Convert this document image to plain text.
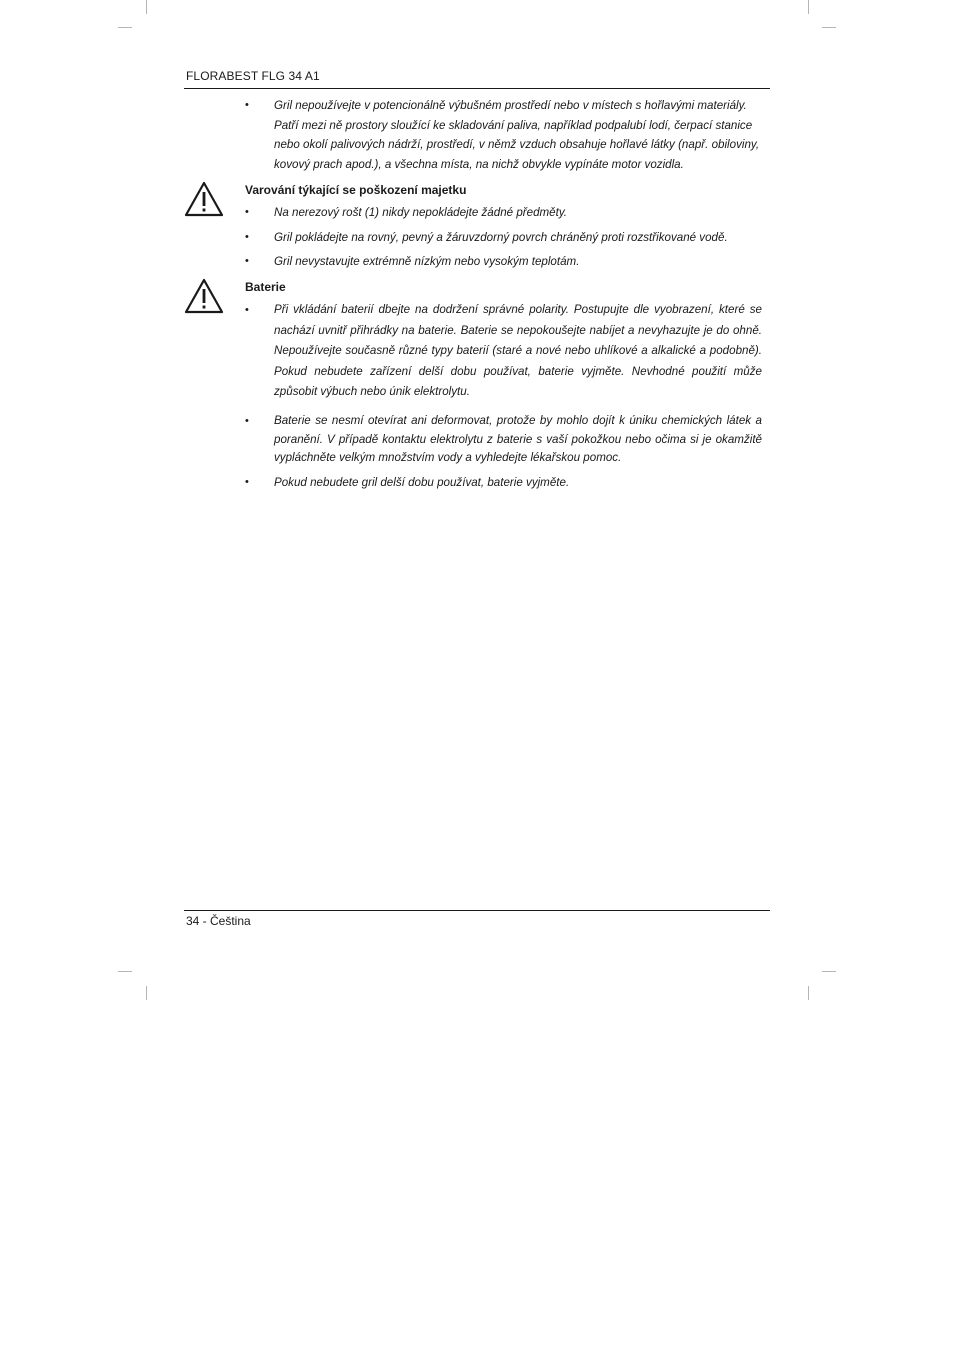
FLORABEST FLG 34 A1
• Gril nepoužívejte v potencionálně výbušném prostředí nebo v místech s hořlavými materiály. Patří mezi ně prostory sloužící ke skladování paliva, například podpalubí lodí, čerpací stanice nebo okolí palivových nádrží, prostředí, v němž vzduch obsahuje hořlavé látky (např. obiloviny, kovový prach apod.), a všechna místa, na nichž obvykle vypínáte motor vozidla.
Varování týkající se poškození majetku
• Na nerezový rošt (1) nikdy nepokládejte žádné předměty.
• Gril pokládejte na rovný, pevný a žáruvzdorný povrch chráněný proti rozstřikované vodě.
• Gril nevystavujte extrémně nízkým nebo vysokým teplotám.
Baterie
• Při vkládání baterií dbejte na dodržení správné polarity. Postupujte dle vyobrazení, které se nachází uvnitř přihrádky na baterie. Baterie se nepokoušejte nabíjet a nevyhazujte je do ohně. Nepoužívejte současně různé typy baterií (staré a nové nebo uhlíkové a alkalické a podobně). Pokud nebudete zařízení delší dobu používat, baterie vyjměte. Nevhodné použití může způsobit výbuch nebo únik elektrolytu.
• Baterie se nesmí otevírat ani deformovat, protože by mohlo dojít k úniku chemických látek a poranění. V případě kontaktu elektrolytu z baterie s vaší pokožkou nebo očima si je okamžitě vypláchněte velkým množstvím vody a vyhledejte lékařskou pomoc.
• Pokud nebudete gril delší dobu používat, baterie vyjměte.
34 - Čeština
